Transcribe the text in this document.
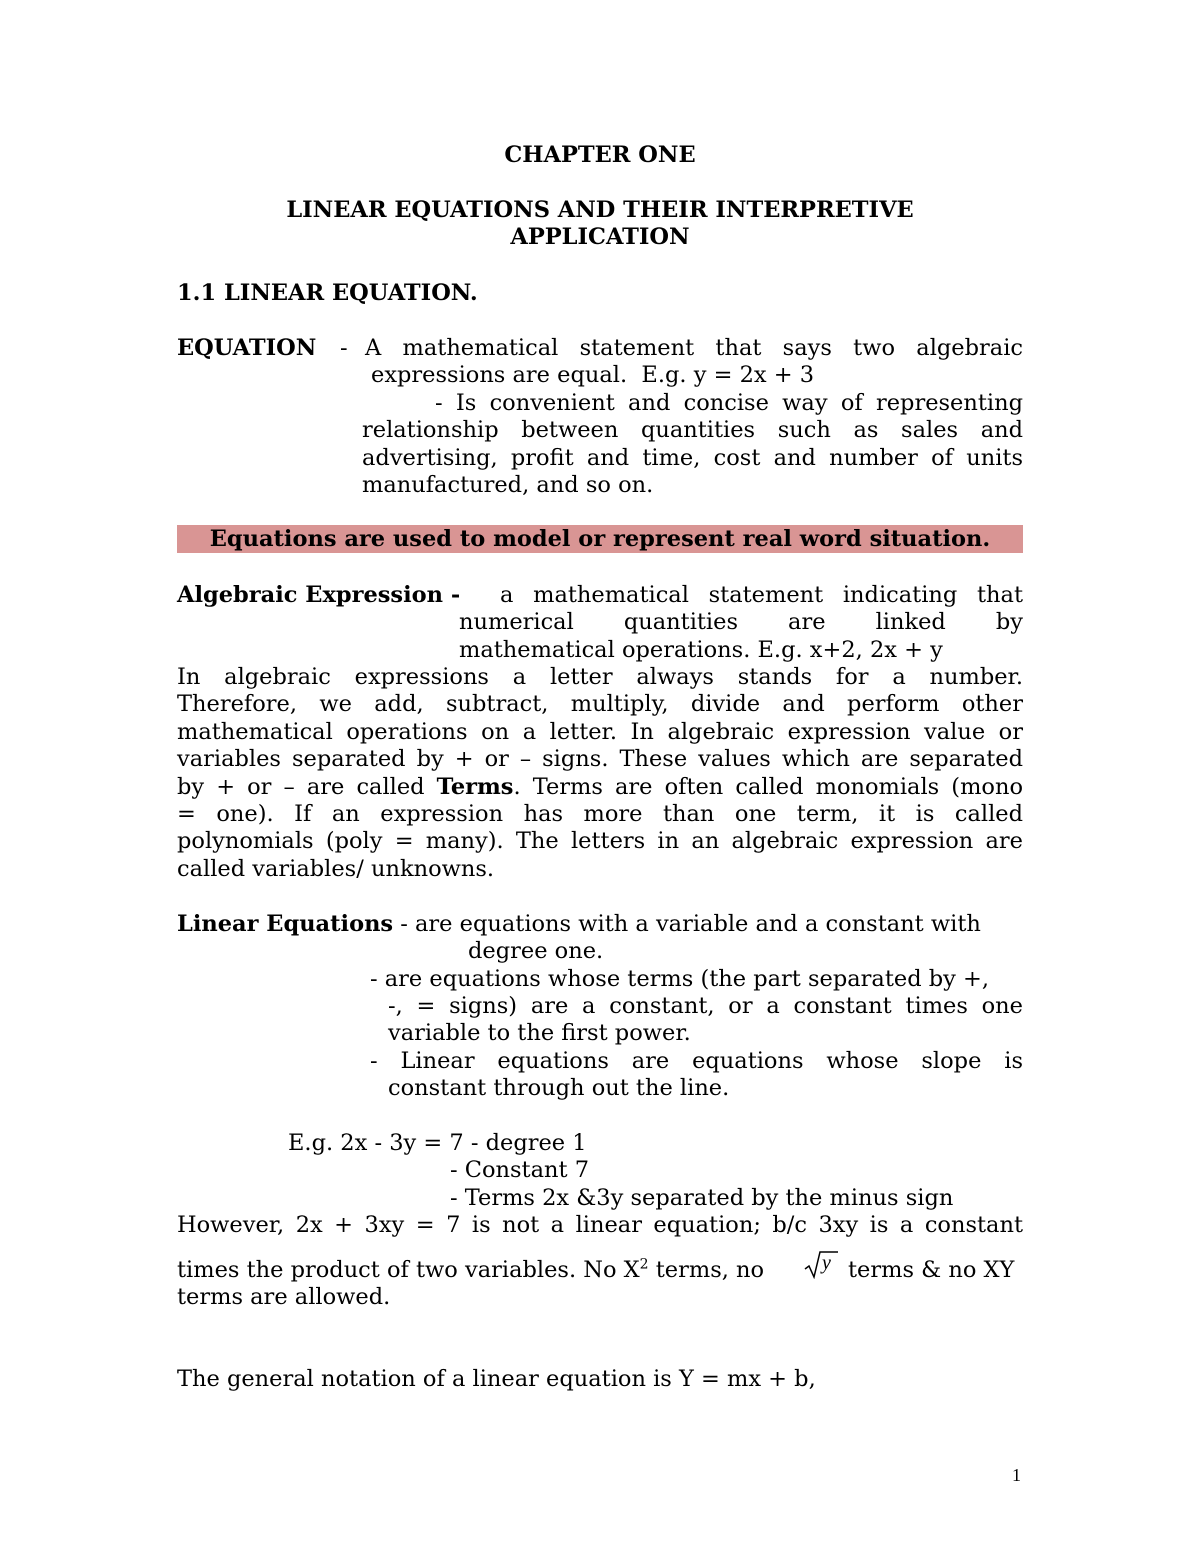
CHAPTER ONE
LINEAR EQUATIONS AND THEIR INTERPRETIVE
APPLICATION
1.1 LINEAR EQUATION.
EQUATION - A mathematical statement that says two algebraic
expressions are equal.  E.g. y = 2x + 3
- Is convenient and concise way of representing
relationship between quantities such as sales and
advertising, profit and time, cost and number of units
manufactured, and so on.
Equations are used to model or represent real word situation.
Algebraic Expression - a mathematical statement indicating that
numerical quantities are linked by
mathematical operations. E.g. x+2, 2x + y
In algebraic expressions a letter always stands for a number.
Therefore, we add, subtract, multiply, divide and perform other
mathematical operations on a letter. In algebraic expression value or
variables separated by + or – signs. These values which are separated
by + or – are called Terms. Terms are often called monomials (mono
= one). If an expression has more than one term, it is called
polynomials (poly = many). The letters in an algebraic expression are
called variables/ unknowns.
Linear Equations - are equations with a variable and a constant with
degree one.
- are equations whose terms (the part separated by +,
-, = signs) are a constant, or a constant times one
variable to the first power.
- Linear equations are equations whose slope is
constant through out the line.
E.g. 2x - 3y = 7 - degree 1
- Constant 7
- Terms 2x &3y separated by the minus sign
However, 2x + 3xy = 7 is not a linear equation; b/c 3xy is a constant
times the product of two variables. No $X^2$ terms, no	y terms & no XY
terms are allowed.
The general notation of a linear equation is Y = mx + b,
1
